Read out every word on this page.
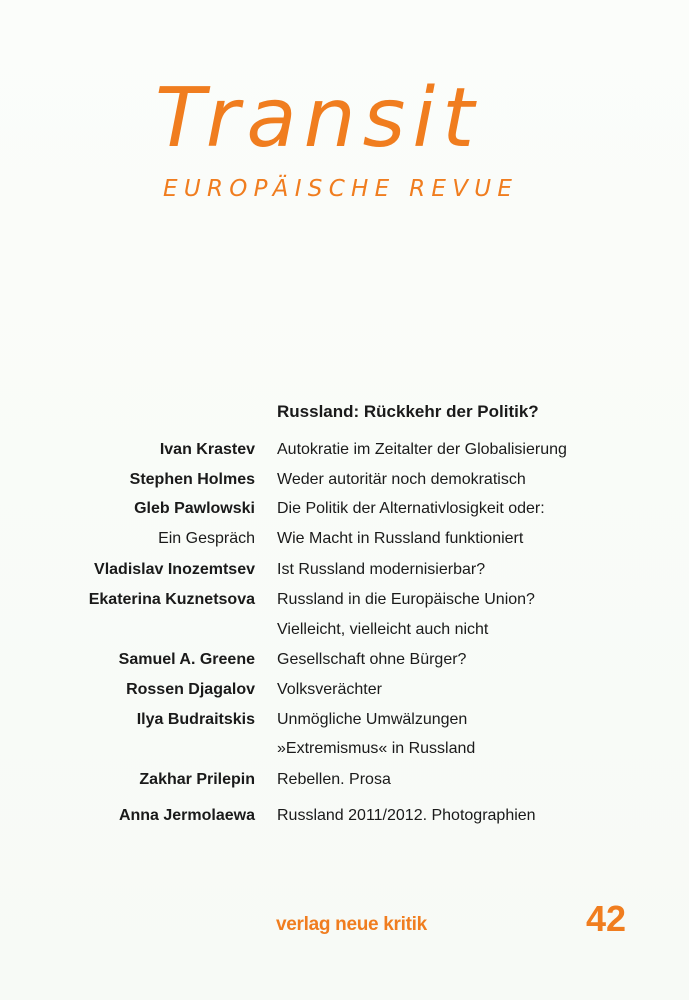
Transit
EUROPÄISCHE REVUE
Russland: Rückkehr der Politik?
Ivan Krastev Autokratie im Zeitalter der Globalisierung
Stephen Holmes Weder autoritär noch demokratisch
Gleb Pawlowski Die Politik der Alternativlosigkeit oder:
Ein Gespräch Wie Macht in Russland funktioniert
Vladislav Inozemtsev Ist Russland modernisierbar?
Ekaterina Kuznetsova Russland in die Europäische Union?
Vielleicht, vielleicht auch nicht
Samuel A. Greene Gesellschaft ohne Bürger?
Rossen Djagalov Volksverächter
Ilya Budraitskis Unmögliche Umwälzungen
»Extremismus« in Russland
Zakhar Prilepin Rebellen. Prosa
Anna Jermolaewa Russland 2011/2012. Photographien
verlag neue kritik	42
